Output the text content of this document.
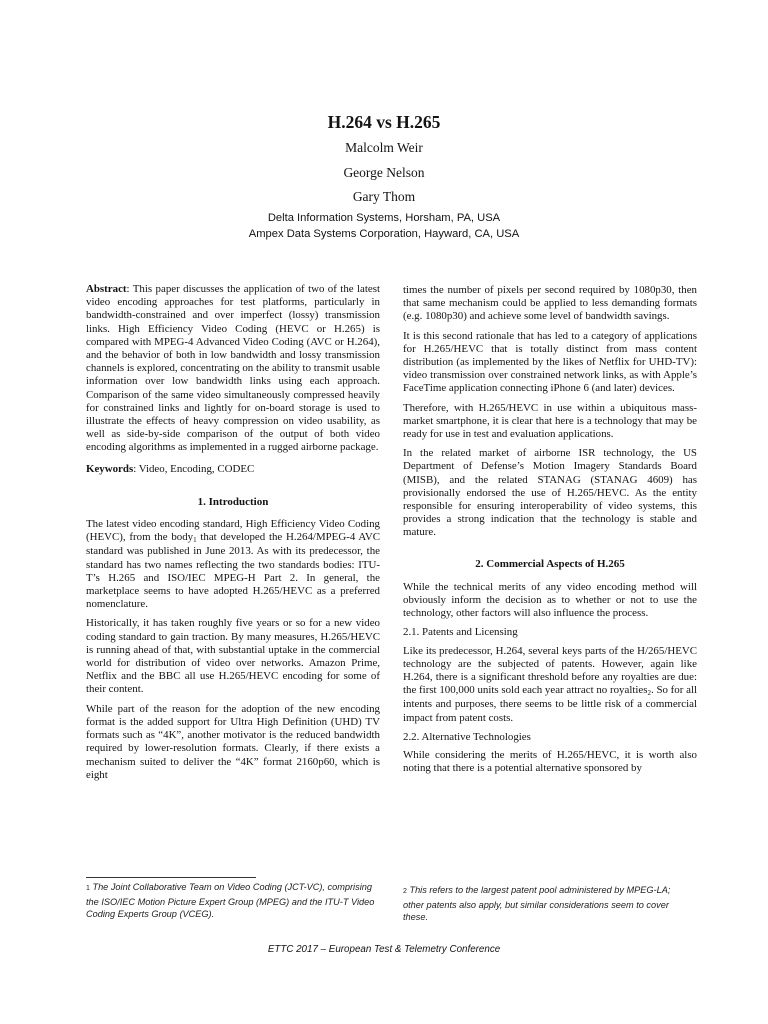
H.264 vs H.265
Malcolm Weir
George Nelson
Gary Thom
Delta Information Systems, Horsham, PA, USA
Ampex Data Systems Corporation, Hayward, CA, USA

Abstract: This paper discusses the application of two of the latest video encoding approaches for test platforms, particularly in bandwidth-constrained and over imperfect (lossy) transmission links. High Efficiency Video Coding (HEVC or H.265) is compared with MPEG-4 Advanced Video Coding (AVC or H.264), and the behavior of both in low bandwidth and lossy transmission channels is explored, concentrating on the ability to transmit usable information over low bandwidth links using each approach. Comparison of the same video simultaneously compressed heavily for constrained links and lightly for on-board storage is used to illustrate the effects of heavy compression on video usability, as well as side-by-side comparison of the output of both video encoding algorithms as implemented in a rugged airborne package.

Keywords: Video, Encoding, CODEC

1. Introduction

The latest video encoding standard, High Efficiency Video Coding (HEVC), from the body$^1$ that developed the H.264/MPEG-4 AVC standard was published in June 2013. As with its predecessor, the standard has two names reflecting the two standards bodies: ITU-T’s H.265 and ISO/IEC MPEG-H Part 2. In general, the marketplace seems to have adopted H.265/HEVC as a preferred nomenclature.

Historically, it has taken roughly five years or so for a new video coding standard to gain traction. By many measures, H.265/HEVC is running ahead of that, with substantial uptake in the commercial world for distribution of video over networks. Amazon Prime, Netflix and the BBC all use H.265/HEVC encoding for some of their content.

While part of the reason for the adoption of the new encoding format is the added support for Ultra High Definition (UHD) TV formats such as “4K”, another motivator is the reduced bandwidth required by lower-resolution formats. Clearly, if there exists a mechanism suited to deliver the “4K” format 2160p60, which is eight

times the number of pixels per second required by 1080p30, then that same mechanism could be applied to less demanding formats (e.g. 1080p30) and achieve some level of bandwidth savings.

It is this second rationale that has led to a category of applications for H.265/HEVC that is totally distinct from mass content distribution (as implemented by the likes of Netflix for UHD-TV): video transmission over constrained network links, as with Apple’s FaceTime application connecting iPhone 6 (and later) devices.

Therefore, with H.265/HEVC in use within a ubiquitous mass-market smartphone, it is clear that here is a technology that may be ready for use in test and evaluation applications.

In the related market of airborne ISR technology, the US Department of Defense’s Motion Imagery Standards Board (MISB), and the related STANAG (STANAG 4609) has provisionally endorsed the use of H.265/HEVC. As the entity responsible for ensuring interoperability of video systems, this provides a strong indication that the technology is stable and mature.

2. Commercial Aspects of H.265

While the technical merits of any video encoding method will obviously inform the decision as to whether or not to use the technology, other factors will also influence the process.

2.1. Patents and Licensing

Like its predecessor, H.264, several keys parts of the H/265/HEVC technology are the subjected of patents. However, again like H.264, there is a significant threshold before any royalties are due: the first 100,000 units sold each year attract no royalties$^2$. So for all intents and purposes, there seems to be little risk of a commercial impact from patent costs.

2.2. Alternative Technologies

While considering the merits of H.265/HEVC, it is worth also noting that there is a potential alternative sponsored by

1 The Joint Collaborative Team on Video Coding (JCT-VC), comprising the ISO/IEC Motion Picture Expert Group (MPEG) and the ITU-T Video Coding Experts Group (VCEG).
2 This refers to the largest patent pool administered by MPEG-LA; other patents also apply, but similar considerations seem to cover these.
ETTC 2017 – European Test & Telemetry Conference
